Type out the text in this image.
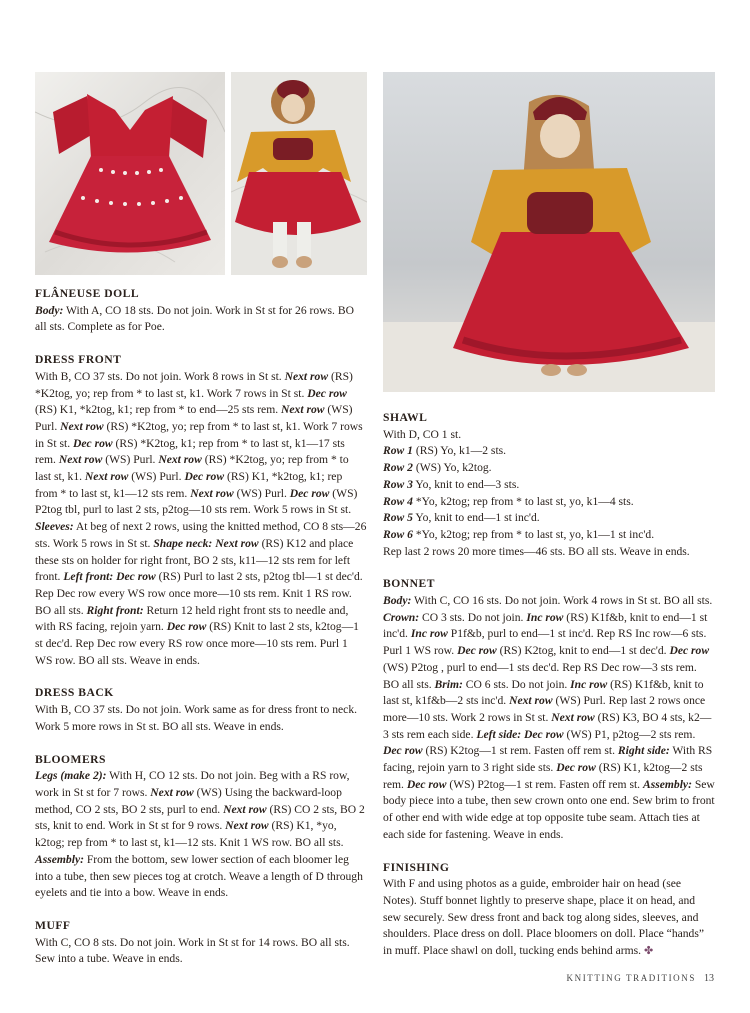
FLÂNEUSE DOLL

Body: With A, CO 18 sts. Do not join. Work in St st for 26 rows. BO all sts. Complete as for Poe.

DRESS FRONT

With B, CO 37 sts. Do not join. Work 8 rows in St st. Next row (RS) *K2tog, yo; rep from * to last st, k1. Work 7 rows in St st. Dec row (RS) K1, *k2tog, k1; rep from * to end—25 sts rem. Next row (WS) Purl. Next row (RS) *K2tog, yo; rep from * to last st, k1. Work 7 rows in St st. Dec row (RS) *K2tog, k1; rep from * to last st, k1—17 sts rem. Next row (WS) Purl. Next row (RS) *K2tog, yo; rep from * to last st, k1. Next row (WS) Purl. Dec row (RS) K1, *k2tog, k1; rep from * to last st, k1—12 sts rem. Next row (WS) Purl. Dec row (WS) P2tog tbl, purl to last 2 sts, p2tog—10 sts rem. Work 5 rows in St st. Sleeves: At beg of next 2 rows, using the knitted method, CO 8 sts—26 sts. Work 5 rows in St st. Shape neck: Next row (RS) K12 and place these sts on holder for right front, BO 2 sts, k11—12 sts rem for left front. Left front: Dec row (RS) Purl to last 2 sts, p2tog tbl—1 st dec'd. Rep Dec row every WS row once more—10 sts rem. Knit 1 RS row. BO all sts. Right front: Return 12 held right front sts to needle and, with RS facing, rejoin yarn. Dec row (RS) Knit to last 2 sts, k2tog—1 st dec'd. Rep Dec row every RS row once more—10 sts rem. Purl 1 WS row. BO all sts. Weave in ends.

DRESS BACK

With B, CO 37 sts. Do not join. Work same as for dress front to neck. Work 5 more rows in St st. BO all sts. Weave in ends.

BLOOMERS

Legs (make 2): With H, CO 12 sts. Do not join. Beg with a RS row, work in St st for 7 rows. Next row (WS) Using the backward-loop method, CO 2 sts, BO 2 sts, purl to end. Next row (RS) CO 2 sts, BO 2 sts, knit to end. Work in St st for 9 rows. Next row (RS) K1, *yo, k2tog; rep from * to last st, k1—12 sts. Knit 1 WS row. BO all sts. Assembly: From the bottom, sew lower section of each bloomer leg into a tube, then sew pieces tog at crotch. Weave a length of D through eyelets and tie into a bow. Weave in ends.

MUFF

With C, CO 8 sts. Do not join. Work in St st for 14 rows. BO all sts. Sew into a tube. Weave in ends.

SHAWL

With D, CO 1 st.
Row 1 (RS) Yo, k1—2 sts.
Row 2 (WS) Yo, k2tog.
Row 3 Yo, knit to end—3 sts.
Row 4 *Yo, k2tog; rep from * to last st, yo, k1—4 sts.
Row 5 Yo, knit to end—1 st inc'd.
Row 6 *Yo, k2tog; rep from * to last st, yo, k1—1 st inc'd.
Rep last 2 rows 20 more times—46 sts. BO all sts. Weave in ends.

BONNET

Body: With C, CO 16 sts. Do not join. Work 4 rows in St st. BO all sts. Crown: CO 3 sts. Do not join. Inc row (RS) K1f&b, knit to end—1 st inc'd. Inc row P1f&b, purl to end—1 st inc'd. Rep RS Inc row—6 sts. Purl 1 WS row. Dec row (RS) K2tog, knit to end—1 st dec'd. Dec row (WS) P2tog , purl to end—1 sts dec'd. Rep RS Dec row—3 sts rem. BO all sts. Brim: CO 6 sts. Do not join. Inc row (RS) K1f&b, knit to last st, k1f&b—2 sts inc'd. Next row (WS) Purl. Rep last 2 rows once more—10 sts. Work 2 rows in St st. Next row (RS) K3, BO 4 sts, k2—3 sts rem each side. Left side: Dec row (WS) P1, p2tog—2 sts rem. Dec row (RS) K2tog—1 st rem. Fasten off rem st. Right side: With RS facing, rejoin yarn to 3 right side sts. Dec row (RS) K1, k2tog—2 sts rem. Dec row (WS) P2tog—1 st rem. Fasten off rem st. Assembly: Sew body piece into a tube, then sew crown onto one end. Sew brim to front of other end with wide edge at top opposite tube seam. Attach ties at each side for fastening. Weave in ends.

FINISHING

With F and using photos as a guide, embroider hair on head (see Notes). Stuff bonnet lightly to preserve shape, place it on head, and sew securely. Sew dress front and back tog along sides, sleeves, and shoulders. Place dress on doll. Place bloomers on doll. Place “hands” in muff. Place shawl on doll, tucking ends behind arms. ✤

KNITTING TRADITIONS 13
